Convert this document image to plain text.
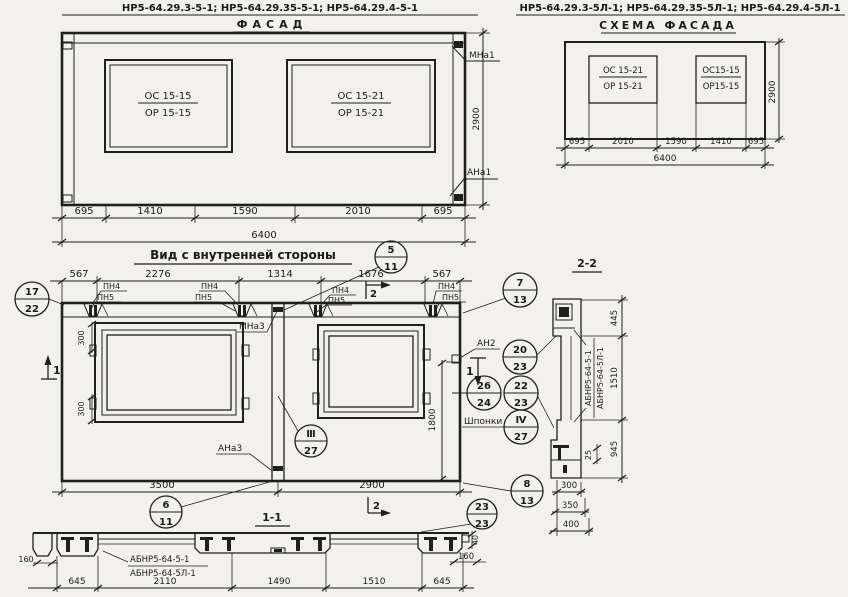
НР5-64.29.3-5-1; НР5-64.29.35-5-1; НР5-64.29.4-5-1
ФАСАД
ОС 15-15
ОР 15-15
ОС 15-21
ОР 15-21
МНа1
АНа1
2900
695	1410	1590	2010	695
6400
НР5-64.29.3-5Л-1; НР5-64.29.35-5Л-1; НР5-64.29.4-5Л-1
СХЕМА ФАСАДА
ОС 15-21
ОР 15-21
ОС15-15
ОР15-15	2900
695	2010	1590	1410 695
6400
Вид с внутренней стороны
567	2276	1314	1676	567
ПН4
ПН5
ПН4
ПН5
ПН4
ПН5
ПН4
ПН5
2
МНа3
АНа3
300
300
1	1
АН2
1800
3500	2900
1-1
2
Шпонки
2-2
АБНР5-64-5-1 АБНР5-64-5Л-1
445
1510
945
25
300
350
400
АБНР5-64-5-1
АБНР5-64-5Л-1
160
40
160
645	2110	1490	1510	645
17
22
5
11
7
13
20
23
26
24
22
23
Ⅳ
27
Ⅲ
27
6
11
8
13
23
23
